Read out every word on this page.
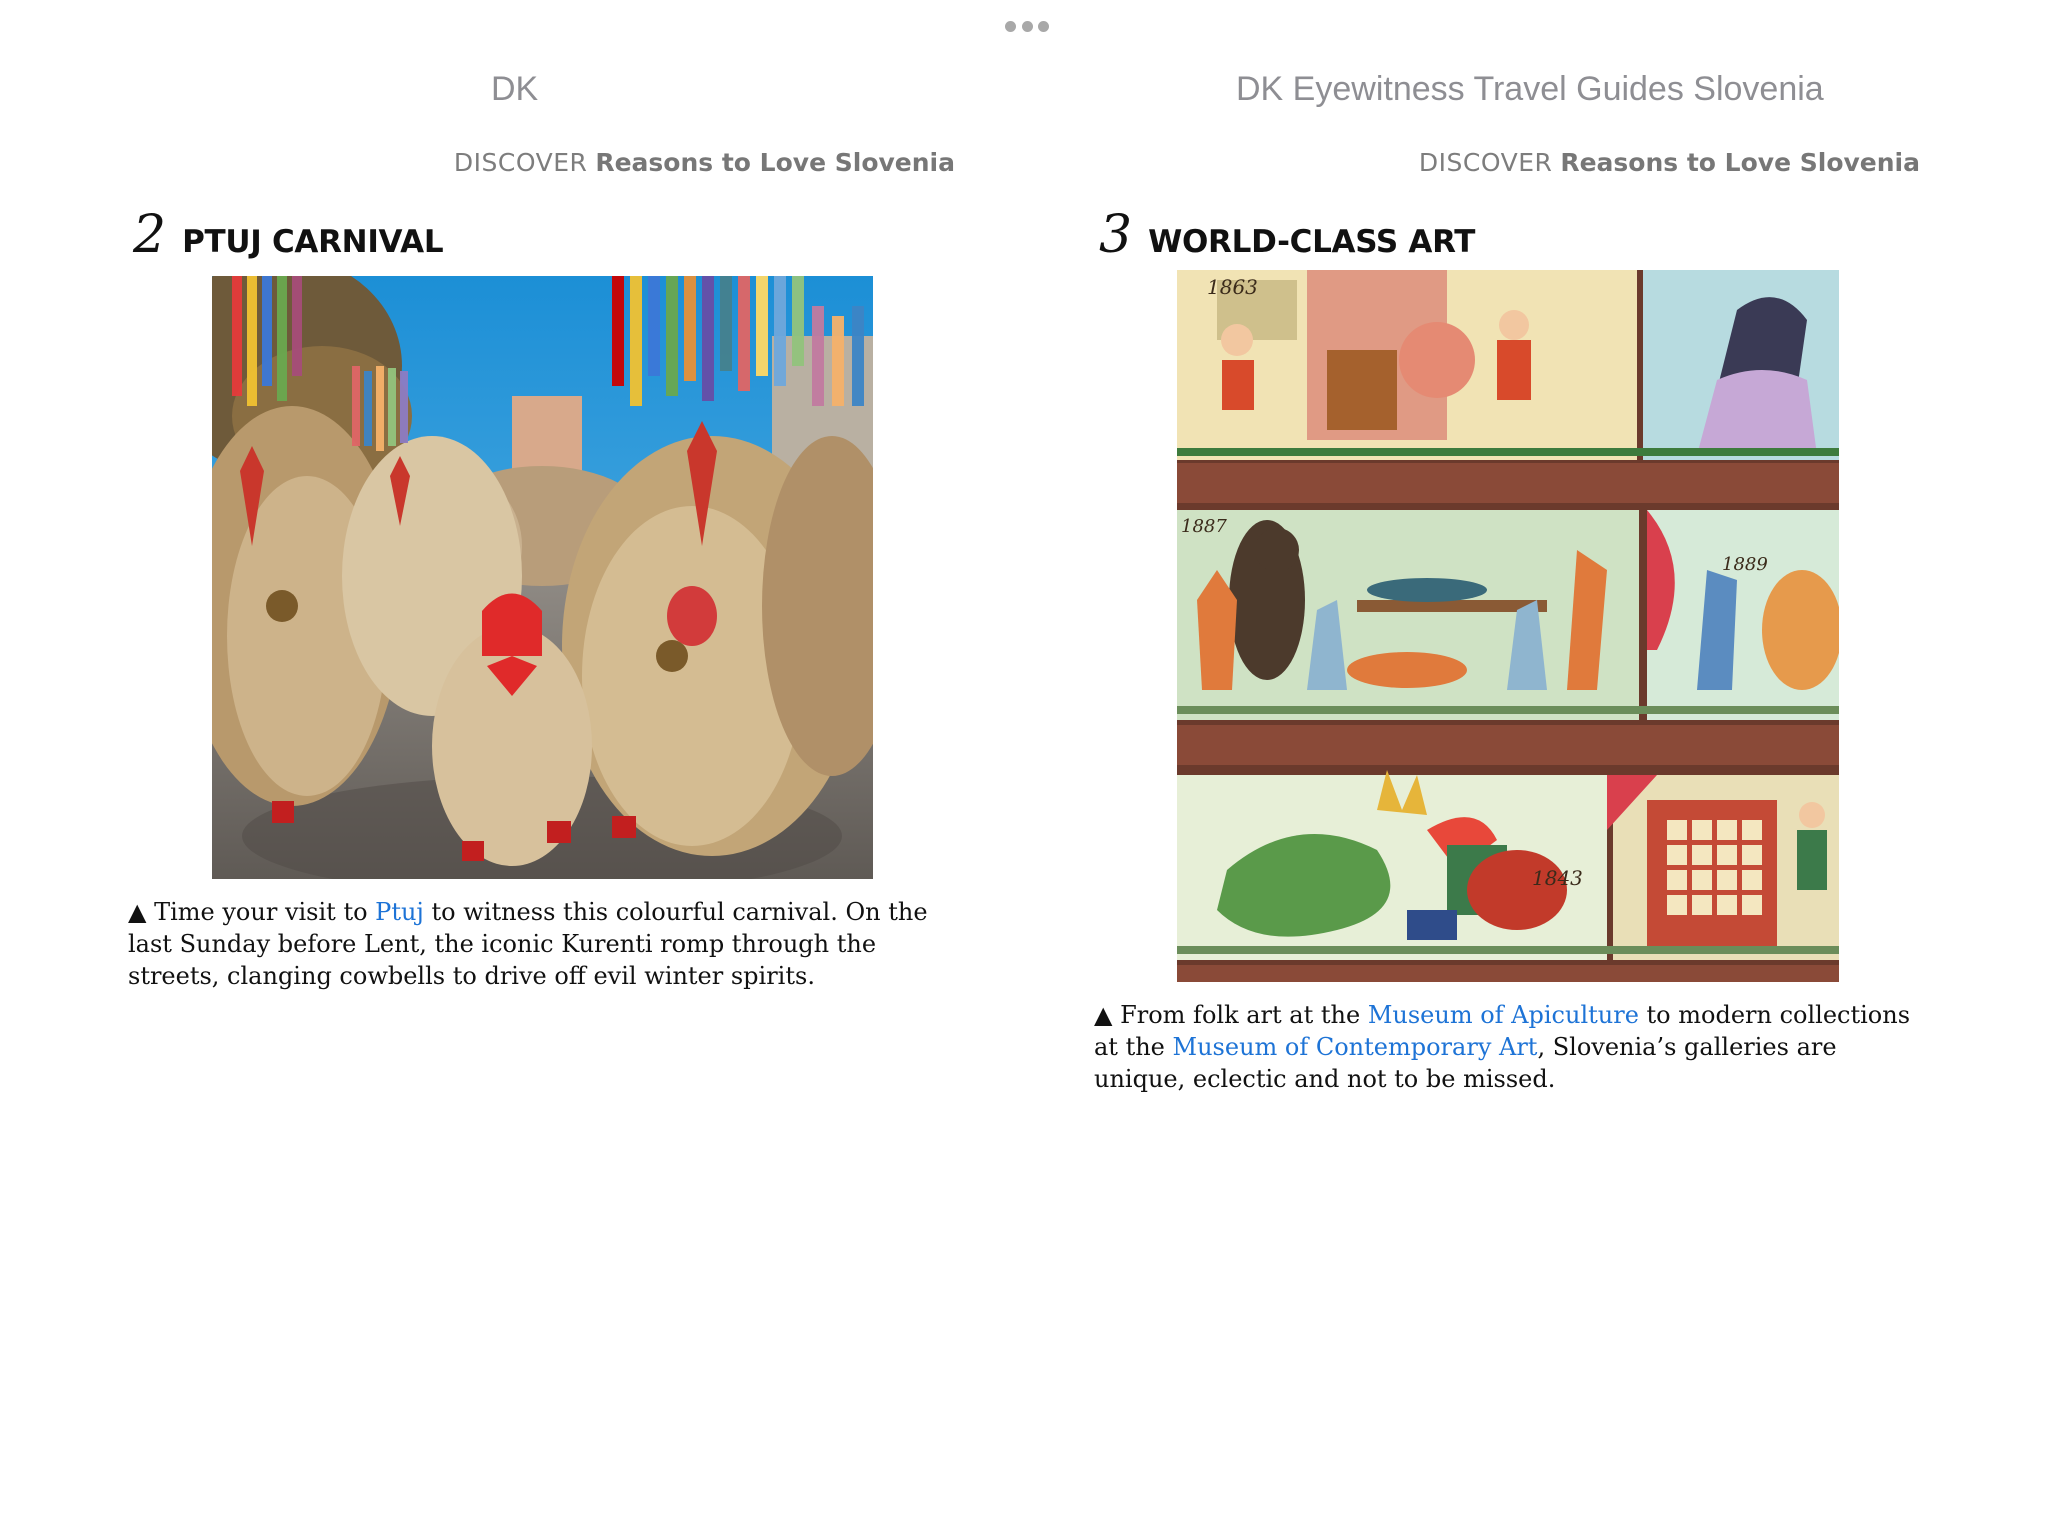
DK
DISCOVER Reasons to Love Slovenia
2 PTUJ CARNIVAL
▲ Time your visit to Ptuj to witness this colourful carnival. On the last Sunday before Lent, the iconic Kurenti romp through the streets, clanging cowbells to drive off evil winter spirits.
DK Eyewitness Travel Guides Slovenia
DISCOVER Reasons to Love Slovenia
3 WORLD-CLASS ART
1863
1887
1889
1843
▲ From folk art at the Museum of Apiculture to modern collections at the Museum of Contemporary Art, Slovenia’s galleries are unique, eclectic and not to be missed.
